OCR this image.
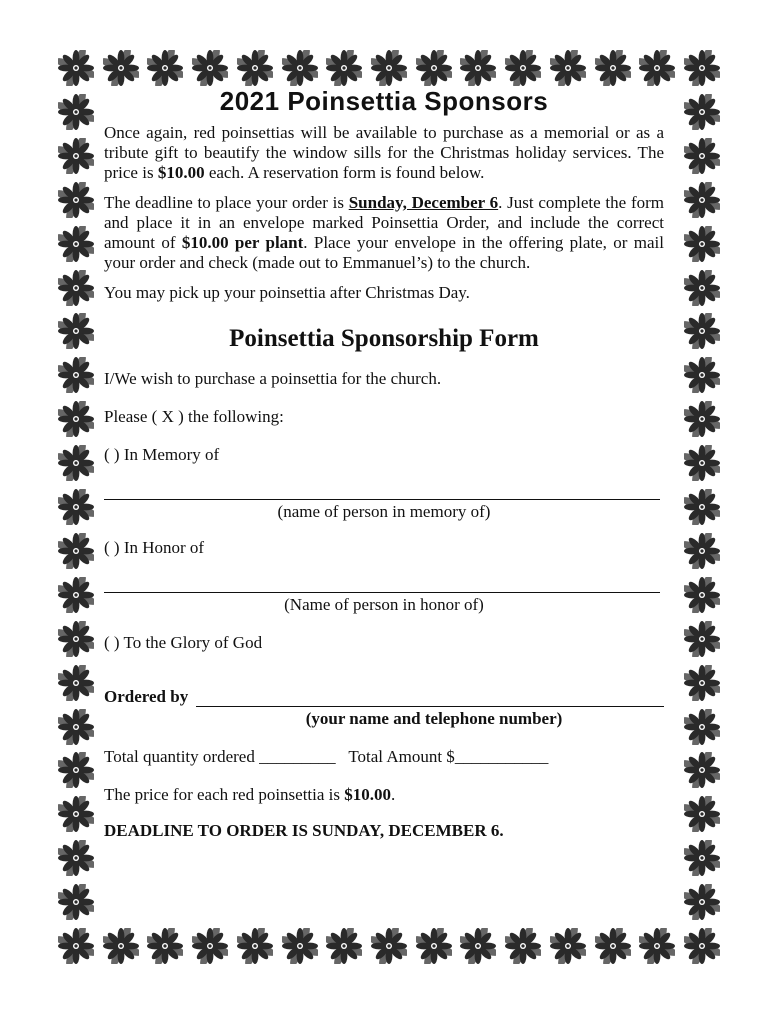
2021 Poinsettia Sponsors

Once again, red poinsettias will be available to purchase as a memorial or as a tribute gift to beautify the window sills for the Christmas holiday services. The price is $10.00 each. A reservation form is found below.

The deadline to place your order is Sunday, December 6. Just complete the form and place it in an envelope marked Poinsettia Order, and include the correct amount of $10.00 per plant. Place your envelope in the offering plate, or mail your order and check (made out to Emmanuel’s) to the church.

You may pick up your poinsettia after Christmas Day.

Poinsettia Sponsorship Form

I/We wish to purchase a poinsettia for the church.

Please ( X ) the following:

( ) In Memory of

(name of person in memory of)

( ) In Honor of

(Name of person in honor of)

( ) To the Glory of God

Ordered by

(your name and telephone number)

Total quantity ordered _________ Total Amount $___________

The price for each red poinsettia is $10.00.

DEADLINE TO ORDER IS SUNDAY, DECEMBER 6.
